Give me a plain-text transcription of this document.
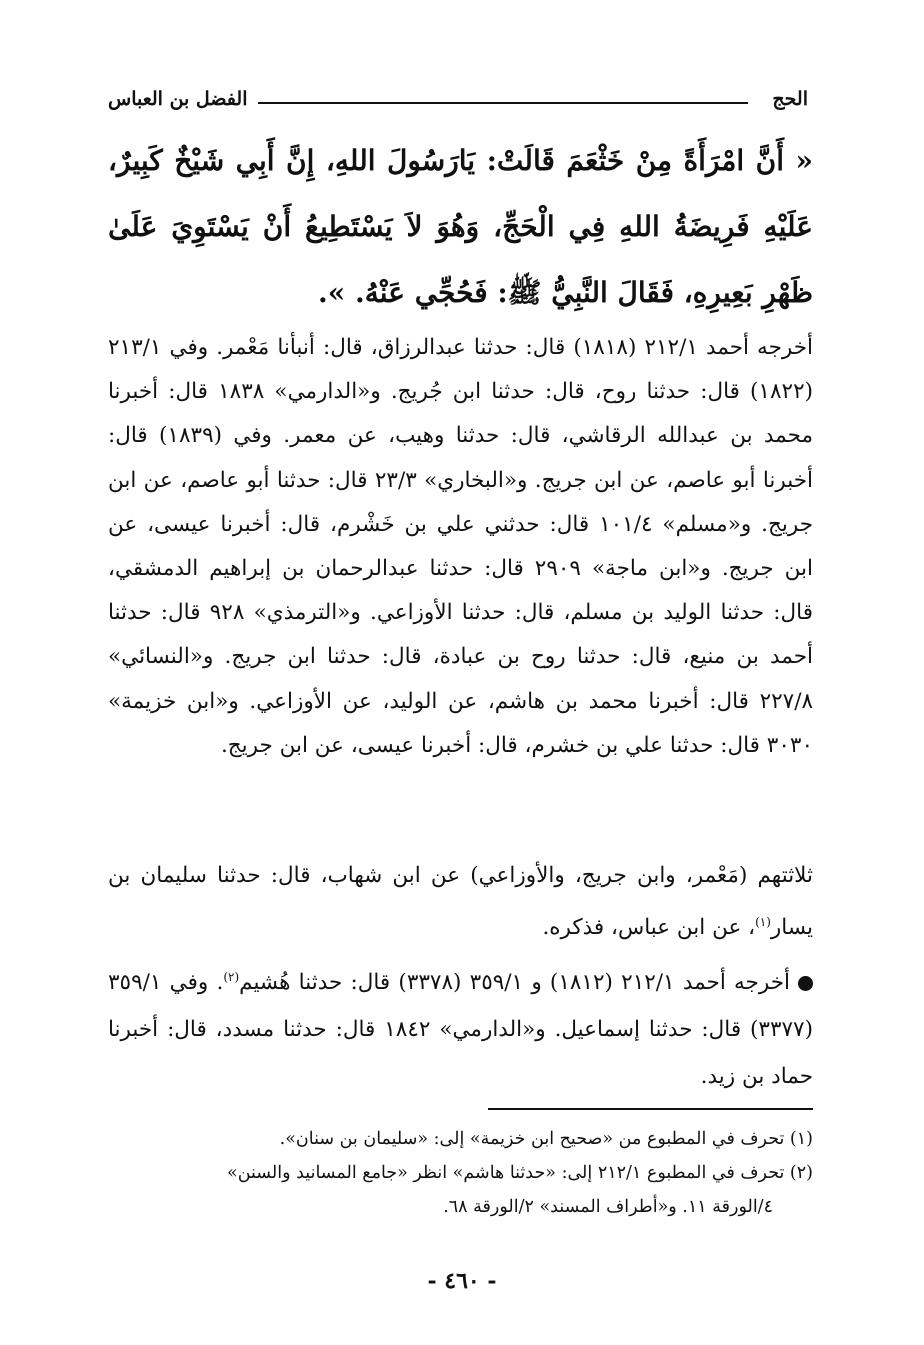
الحج
الفضل بن العباس
« أَنَّ امْرَأَةً مِنْ خَثْعَمَ قَالَتْ: يَارَسُولَ اللهِ، إِنَّ أَبِي شَيْخٌ كَبِيرٌ، عَلَيْهِ فَرِيضَةُ اللهِ فِي الْحَجِّ، وَهُوَ لاَ يَسْتَطِيعُ أَنْ يَسْتَوِيَ عَلَىٰ ظَهْرِ بَعِيرِهِ، فَقَالَ النَّبِيُّ ﷺ: فَحُجِّي عَنْهُ. ».
أخرجه أحمد ٢١٢/١ (١٨١٨) قال: حدثنا عبدالرزاق، قال: أنبأنا مَعْمر. وفي ٢١٣/١ (١٨٢٢) قال: حدثنا روح، قال: حدثنا ابن جُريج. و«الدارمي» ١٨٣٨ قال: أخبرنا محمد بن عبدالله الرقاشي، قال: حدثنا وهيب، عن معمر. وفي (١٨٣٩) قال: أخبرنا أبو عاصم، عن ابن جريج. و«البخاري» ٢٣/٣ قال: حدثنا أبو عاصم، عن ابن جريج. و«مسلم» ١٠١/٤ قال: حدثني علي بن خَشْرم، قال: أخبرنا عيسى، عن ابن جريج. و«ابن ماجة» ٢٩٠٩ قال: حدثنا عبدالرحمان بن إبراهيم الدمشقي، قال: حدثنا الوليد بن مسلم، قال: حدثنا الأوزاعي. و«الترمذي» ٩٢٨ قال: حدثنا أحمد بن منيع، قال: حدثنا روح بن عبادة، قال: حدثنا ابن جريج. و«النسائي» ٢٢٧/٨ قال: أخبرنا محمد بن هاشم، عن الوليد، عن الأوزاعي. و«ابن خزيمة» ٣٠٣٠ قال: حدثنا علي بن خشرم، قال: أخبرنا عيسى، عن ابن جريج.
ثلاثتهم (مَعْمر، وابن جريج، والأوزاعي) عن ابن شهاب، قال: حدثنا سليمان بن يسار$^{(١)}$، عن ابن عباس، فذكره.
أخرجه أحمد ٢١٢/١ (١٨١٢) و ٣٥٩/١ (٣٣٧٨) قال: حدثنا هُشيم$^{(٢)}$. وفي ٣٥٩/١ (٣٣٧٧) قال: حدثنا إسماعيل. و«الدارمي» ١٨٤٢ قال: حدثنا مسدد، قال: أخبرنا حماد بن زيد.
(١) تحرف في المطبوع من «صحيح ابن خزيمة» إلى: «سليمان بن سنان».
(٢) تحرف في المطبوع ٢١٢/١ إلى: «حدثنا هاشم» انظر «جامع المسانيد والسنن»
٤/الورقة ١١. و«أطراف المسند» ٢/الورقة ٦٨.
- ٤٦٠ -
